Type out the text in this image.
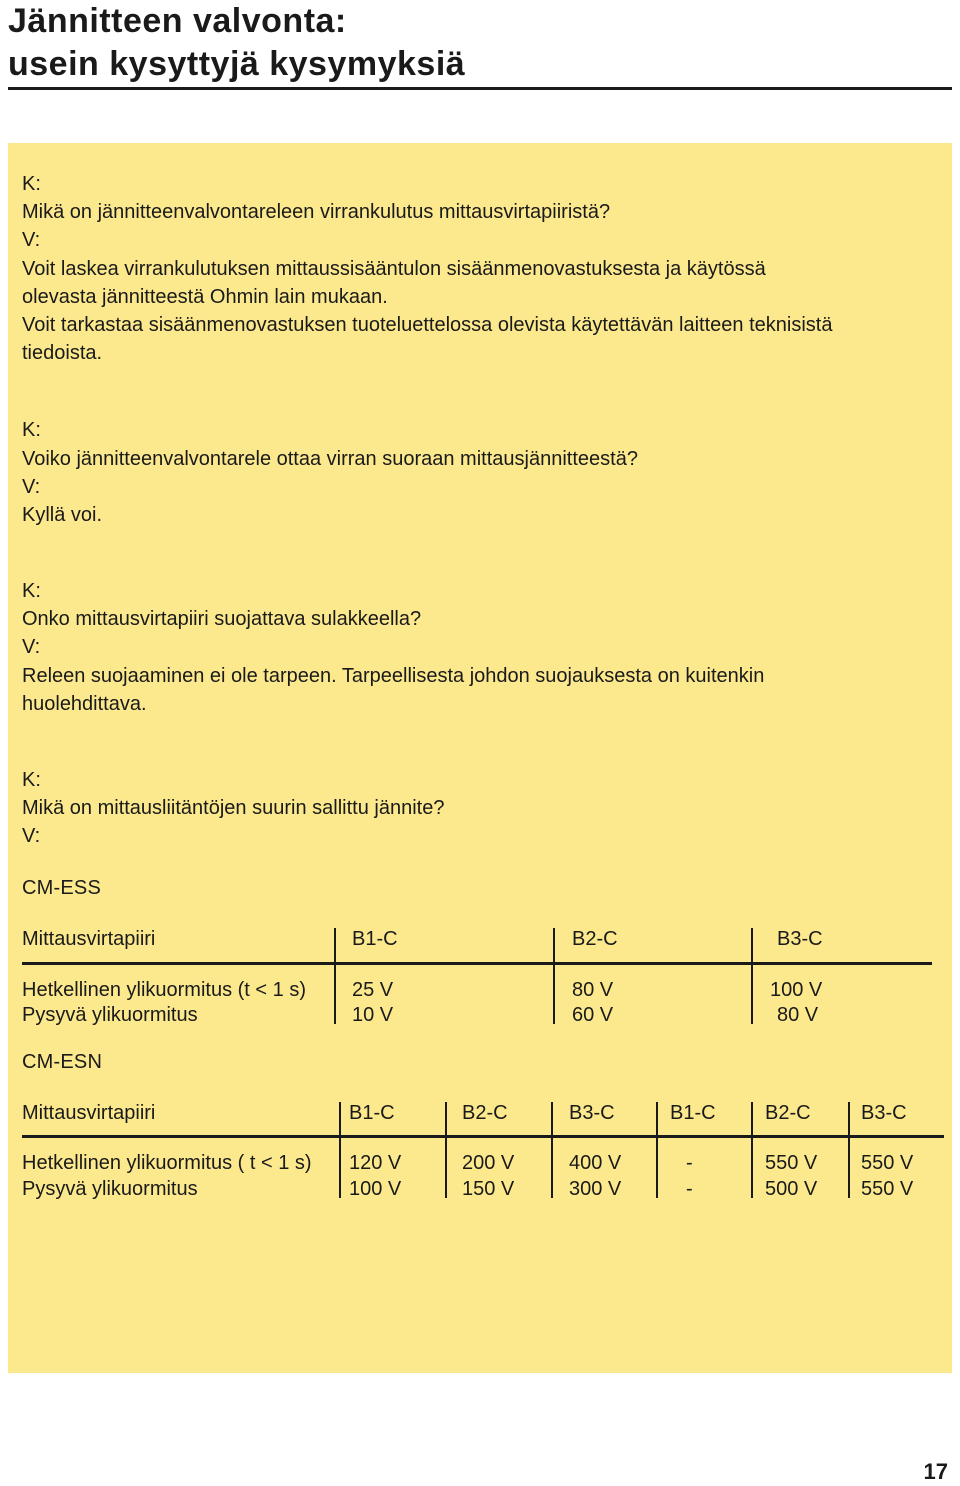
Jännitteen valvonta:
usein kysyttyjä kysymyksiä
K:
Mikä on jännitteenvalvontareleen virrankulutus mittausvirtapiiristä?
V:
Voit laskea virrankulutuksen mittaussisääntulon sisäänmenovastuksesta ja käytössä
olevasta jännitteestä Ohmin lain mukaan.
Voit tarkastaa sisäänmenovastuksen tuoteluettelossa olevista käytettävän laitteen teknisistä
tiedoista.
K:
Voiko jännitteenvalvontarele ottaa virran suoraan mittausjännitteestä?
V:
Kyllä voi.
K:
Onko mittausvirtapiiri suojattava sulakkeella?
V:
Releen suojaaminen ei ole tarpeen. Tarpeellisesta johdon suojauksesta on kuitenkin
huolehdittava.
K:
Mikä on mittausliitäntöjen suurin sallittu jännite?
V:
CM-ESS
Mittausvirtapiiri	B1-C	B2-C	B3-C
Hetkellinen ylikuormitus (t < 1 s) 25 V	80 V	100 V
Pysyvä ylikuormitus	10 V	60 V	80 V
CM-ESN
Mittausvirtapiiri	B1-C	B2-C	B3-C	B1-C B2-C	B3-C
Hetkellinen ylikuormitus ( t < 1 s) 120 V	200 V	400 V	-	550 V 550 V
Pysyvä ylikuormitus	100 V	150 V	300 V	-	500 V 550 V
17
